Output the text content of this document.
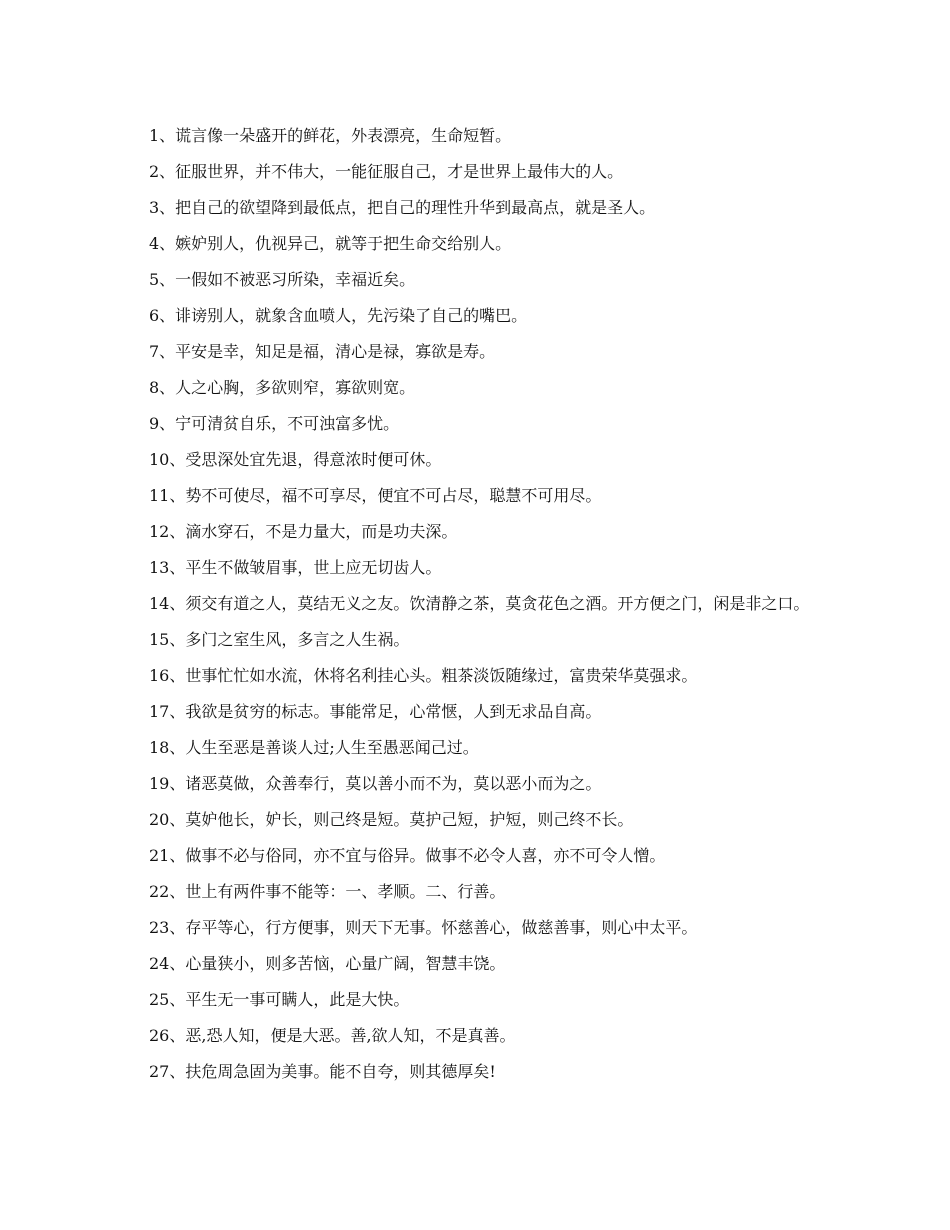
1、谎言像一朵盛开的鲜花，外表漂亮，生命短暂。

2、征服世界，并不伟大，一能征服自己，才是世界上最伟大的人。

3、把自己的欲望降到最低点，把自己的理性升华到最高点，就是圣人。

4、嫉妒别人，仇视异己，就等于把生命交给别人。

5、一假如不被恶习所染，幸福近矣。

6、诽谤别人，就象含血喷人，先污染了自己的嘴巴。

7、平安是幸，知足是福，清心是禄，寡欲是寿。

8、人之心胸，多欲则窄，寡欲则宽。

9、宁可清贫自乐，不可浊富多忧。

10、受思深处宜先退，得意浓时便可休。

11、势不可使尽，福不可享尽，便宜不可占尽，聪慧不可用尽。

12、滴水穿石，不是力量大，而是功夫深。

13、平生不做皱眉事，世上应无切齿人。

14、须交有道之人，莫结无义之友。饮清静之茶，莫贪花色之酒。开方便之门，闲是非之口。

15、多门之室生风，多言之人生祸。

16、世事忙忙如水流，休将名利挂心头。粗茶淡饭随缘过，富贵荣华莫强求。

17、我欲是贫穷的标志。事能常足，心常惬，人到无求品自高。

18、人生至恶是善谈人过;人生至愚恶闻己过。

19、诸恶莫做，众善奉行，莫以善小而不为，莫以恶小而为之。

20、莫妒他长，妒长，则己终是短。莫护己短，护短，则己终不长。

21、做事不必与俗同，亦不宜与俗异。做事不必令人喜，亦不可令人憎。

22、世上有两件事不能等：一、孝顺。二、行善。

23、存平等心，行方便事，则天下无事。怀慈善心，做慈善事，则心中太平。

24、心量狭小，则多苦恼，心量广阔，智慧丰饶。

25、平生无一事可瞒人，此是大快。

26、恶,恐人知，便是大恶。善,欲人知，不是真善。

27、扶危周急固为美事。能不自夸，则其德厚矣!
